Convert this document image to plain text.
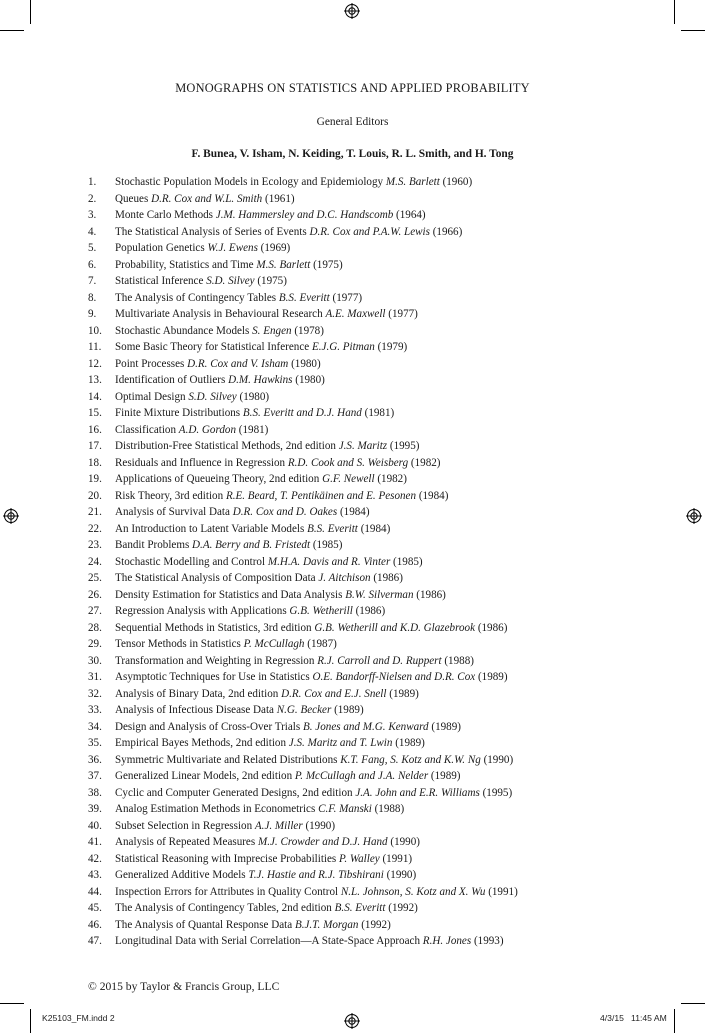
MONOGRAPHS ON STATISTICS AND APPLIED PROBABILITY
General Editors
F. Bunea, V. Isham, N. Keiding, T. Louis, R. L. Smith, and H. Tong
1. Stochastic Population Models in Ecology and Epidemiology M.S. Barlett (1960)
2. Queues D.R. Cox and W.L. Smith (1961)
3. Monte Carlo Methods J.M. Hammersley and D.C. Handscomb (1964)
4. The Statistical Analysis of Series of Events D.R. Cox and P.A.W. Lewis (1966)
5. Population Genetics W.J. Ewens (1969)
6. Probability, Statistics and Time M.S. Barlett (1975)
7. Statistical Inference S.D. Silvey (1975)
8. The Analysis of Contingency Tables B.S. Everitt (1977)
9. Multivariate Analysis in Behavioural Research A.E. Maxwell (1977)
10. Stochastic Abundance Models S. Engen (1978)
11. Some Basic Theory for Statistical Inference E.J.G. Pitman (1979)
12. Point Processes D.R. Cox and V. Isham (1980)
13. Identification of Outliers D.M. Hawkins (1980)
14. Optimal Design S.D. Silvey (1980)
15. Finite Mixture Distributions B.S. Everitt and D.J. Hand (1981)
16. Classification A.D. Gordon (1981)
17. Distribution-Free Statistical Methods, 2nd edition J.S. Maritz (1995)
18. Residuals and Influence in Regression R.D. Cook and S. Weisberg (1982)
19. Applications of Queueing Theory, 2nd edition G.F. Newell (1982)
20. Risk Theory, 3rd edition R.E. Beard, T. Pentikäinen and E. Pesonen (1984)
21. Analysis of Survival Data D.R. Cox and D. Oakes (1984)
22. An Introduction to Latent Variable Models B.S. Everitt (1984)
23. Bandit Problems D.A. Berry and B. Fristedt (1985)
24. Stochastic Modelling and Control M.H.A. Davis and R. Vinter (1985)
25. The Statistical Analysis of Composition Data J. Aitchison (1986)
26. Density Estimation for Statistics and Data Analysis B.W. Silverman (1986)
27. Regression Analysis with Applications G.B. Wetherill (1986)
28. Sequential Methods in Statistics, 3rd edition G.B. Wetherill and K.D. Glazebrook (1986)
29. Tensor Methods in Statistics P. McCullagh (1987)
30. Transformation and Weighting in Regression R.J. Carroll and D. Ruppert (1988)
31. Asymptotic Techniques for Use in Statistics O.E. Bandorff-Nielsen and D.R. Cox (1989)
32. Analysis of Binary Data, 2nd edition D.R. Cox and E.J. Snell (1989)
33. Analysis of Infectious Disease Data N.G. Becker (1989)
34. Design and Analysis of Cross-Over Trials B. Jones and M.G. Kenward (1989)
35. Empirical Bayes Methods, 2nd edition J.S. Maritz and T. Lwin (1989)
36. Symmetric Multivariate and Related Distributions K.T. Fang, S. Kotz and K.W. Ng (1990)
37. Generalized Linear Models, 2nd edition P. McCullagh and J.A. Nelder (1989)
38. Cyclic and Computer Generated Designs, 2nd edition J.A. John and E.R. Williams (1995)
39. Analog Estimation Methods in Econometrics C.F. Manski (1988)
40. Subset Selection in Regression A.J. Miller (1990)
41. Analysis of Repeated Measures M.J. Crowder and D.J. Hand (1990)
42. Statistical Reasoning with Imprecise Probabilities P. Walley (1991)
43. Generalized Additive Models T.J. Hastie and R.J. Tibshirani (1990)
44. Inspection Errors for Attributes in Quality Control N.L. Johnson, S. Kotz and X. Wu (1991)
45. The Analysis of Contingency Tables, 2nd edition B.S. Everitt (1992)
46. The Analysis of Quantal Response Data B.J.T. Morgan (1992)
47. Longitudinal Data with Serial Correlation—A State-Space Approach R.H. Jones (1993)
© 2015 by Taylor & Francis Group, LLC
K25103_FM.indd 2	4/3/15   11:45 AM
